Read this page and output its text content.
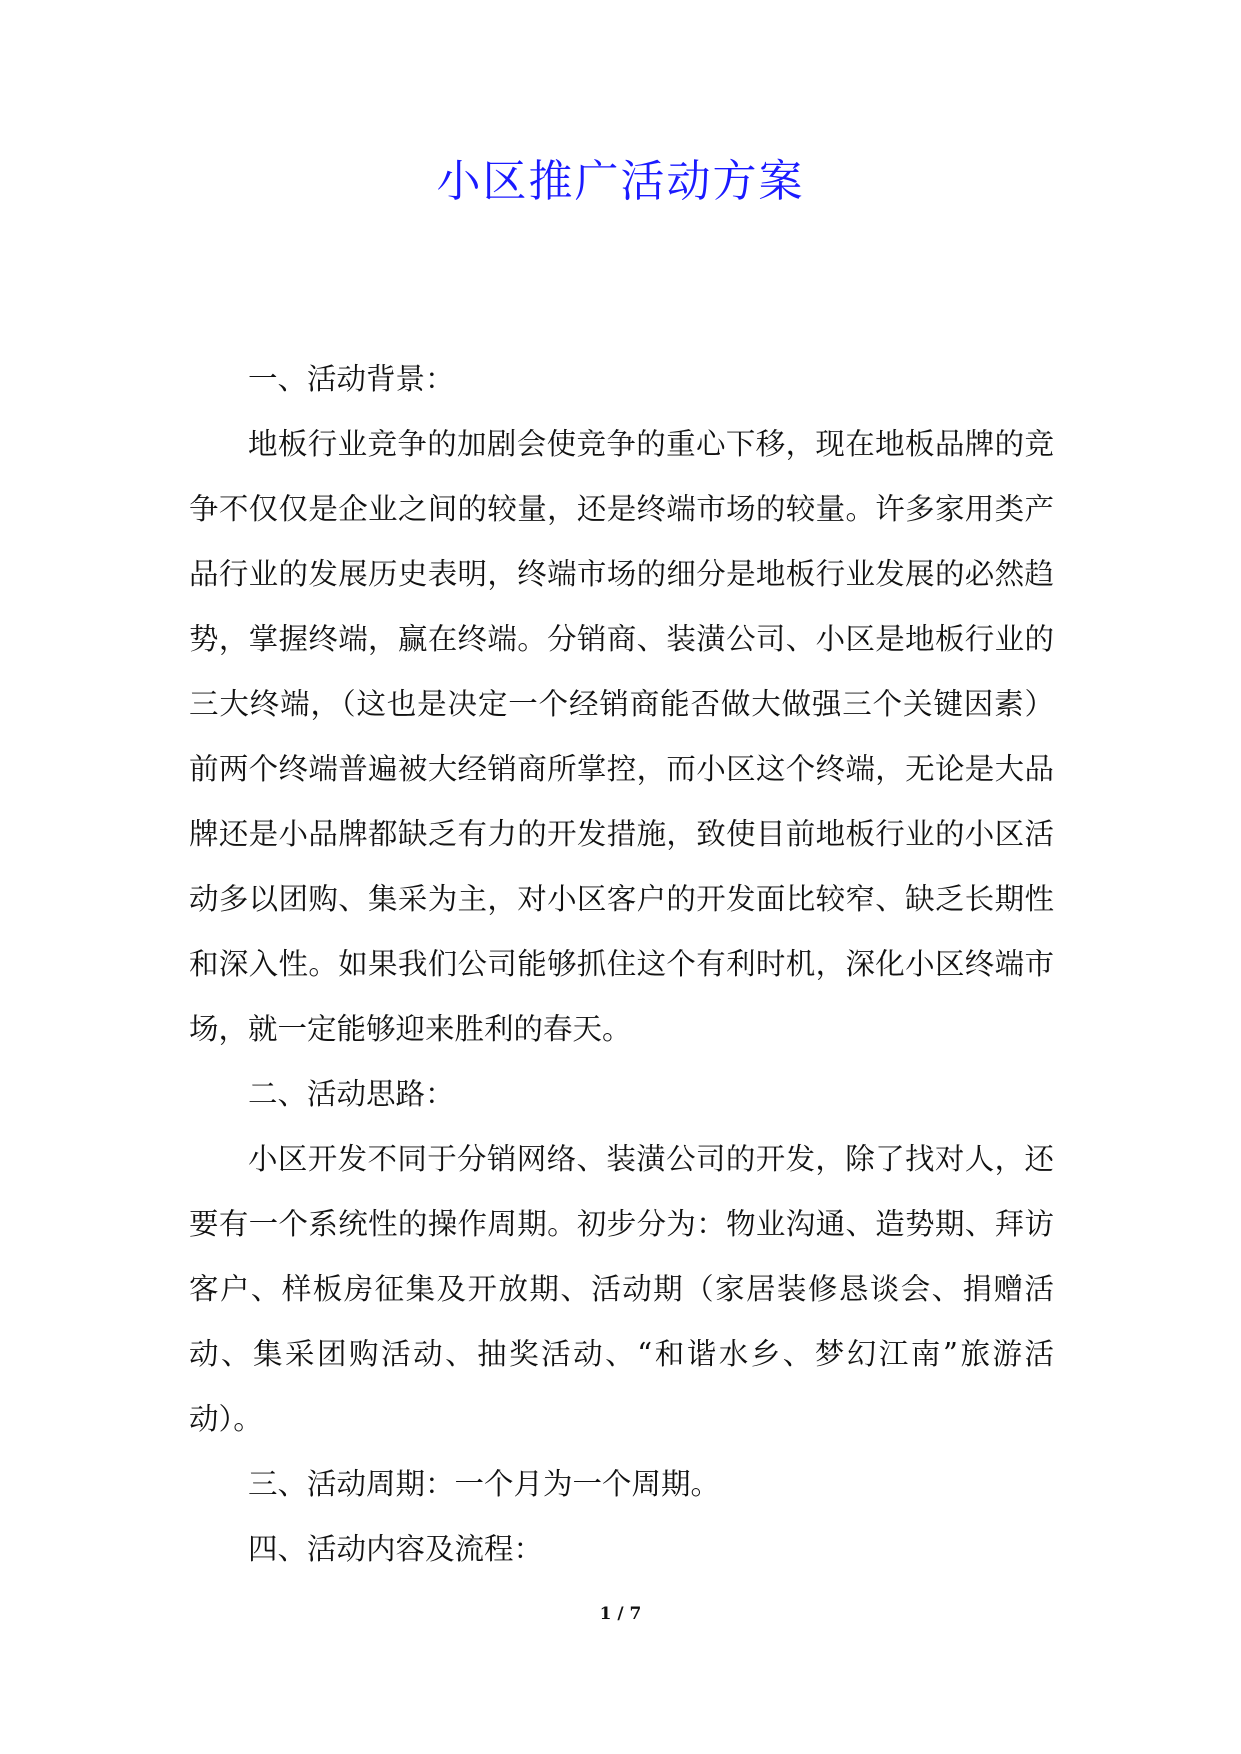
小区推广活动方案

一、活动背景：

地板行业竞争的加剧会使竞争的重心下移，现在地板品牌的竞争不仅仅是企业之间的较量，还是终端市场的较量。许多家用类产品行业的发展历史表明，终端市场的细分是地板行业发展的必然趋势，掌握终端，赢在终端。分销商、装潢公司、小区是地板行业的三大终端，（这也是决定一个经销商能否做大做强三个关键因素）前两个终端普遍被大经销商所掌控，而小区这个终端，无论是大品牌还是小品牌都缺乏有力的开发措施，致使目前地板行业的小区活动多以团购、集采为主，对小区客户的开发面比较窄、缺乏长期性和深入性。如果我们公司能够抓住这个有利时机，深化小区终端市场，就一定能够迎来胜利的春天。

二、活动思路：

小区开发不同于分销网络、装潢公司的开发，除了找对人，还要有一个系统性的操作周期。初步分为：物业沟通、造势期、拜访客户、样板房征集及开放期、活动期（家居装修恳谈会、捐赠活动、集采团购活动、抽奖活动、“和谐水乡、梦幻江南”旅游活动）。

三、活动周期：一个月为一个周期。

四、活动内容及流程：

1 / 7
